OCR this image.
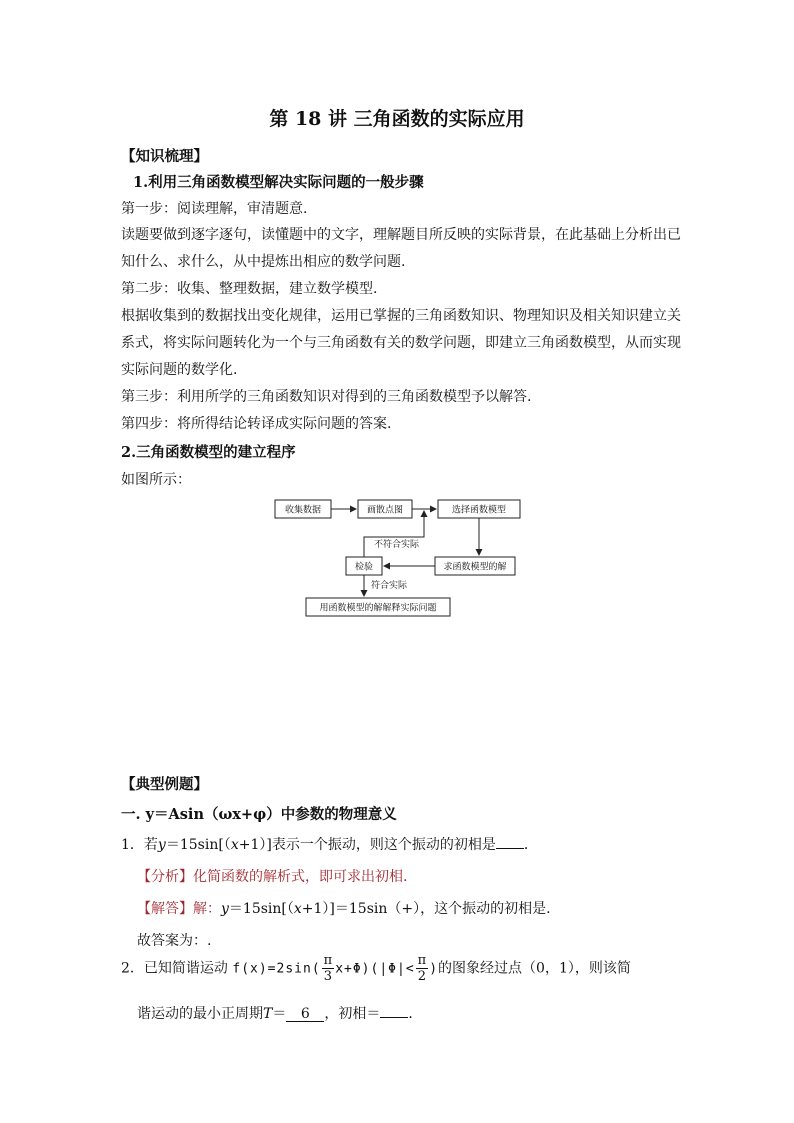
第 18 讲 三角函数的实际应用
【知识梳理】
1.利用三角函数模型解决实际问题的一般步骤
第一步：阅读理解，审清题意.
读题要做到逐字逐句，读懂题中的文字，理解题目所反映的实际背景，在此基础上分析出已
知什么、求什么，从中提炼出相应的数学问题.
第二步：收集、整理数据，建立数学模型.
根据收集到的数据找出变化规律，运用已掌握的三角函数知识、物理知识及相关知识建立关
系式，将实际问题转化为一个与三角函数有关的数学问题，即建立三角函数模型，从而实现
实际问题的数学化.
第三步：利用所学的三角函数知识对得到的三角函数模型予以解答.
第四步：将所得结论转译成实际问题的答案.
2.三角函数模型的建立程序
如图所示：
收集数据	画散点图	选择函数模型
求函数模型的解
检验
用函数模型的解解释实际问题
不符合实际
符合实际
【典型例题】
一. y＝Asin（ωx+φ）中参数的物理意义
1．若y＝15sin[（x+1）]表示一个振动，则这个振动的初相是 ．
【分析】化简函数的解析式，即可求出初相.
【解答】解：y＝15sin[（x+1）]＝15sin（+），这个振动的初相是.
故答案为：.
2．已知简谐运动 $f(x)=2\sin( \frac{\pi}{3} x+\Phi)(|\Phi|< \frac{\pi}{2}$ )的图象经过点（0，1），则该简
谐运动的最小正周期T＝ 6 ，初相＝ ．
